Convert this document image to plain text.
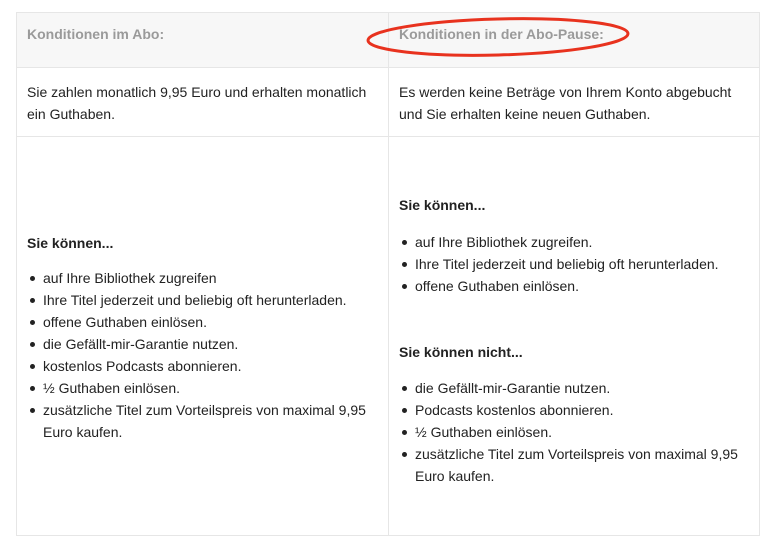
Konditionen im Abo:	Konditionen in der Abo-Pause:
Sie zahlen monatlich 9,95 Euro und erhalten monatlich ein Guthaben.
Es werden keine Beträge von Ihrem Konto abgebucht und Sie erhalten keine neuen Guthaben.
Sie können...
auf Ihre Bibliothek zugreifen
Ihre Titel jederzeit und beliebig oft herunterladen.
offene Guthaben einlösen.
die Gefällt-mir-Garantie nutzen.
kostenlos Podcasts abonnieren.
½ Guthaben einlösen.
zusätzliche Titel zum Vorteilspreis von maximal 9,95 Euro kaufen.
Sie können...
auf Ihre Bibliothek zugreifen.
Ihre Titel jederzeit und beliebig oft herunterladen.
offene Guthaben einlösen.
Sie können nicht...
die Gefällt-mir-Garantie nutzen.
Podcasts kostenlos abonnieren.
½ Guthaben einlösen.
zusätzliche Titel zum Vorteilspreis von maximal 9,95 Euro kaufen.
